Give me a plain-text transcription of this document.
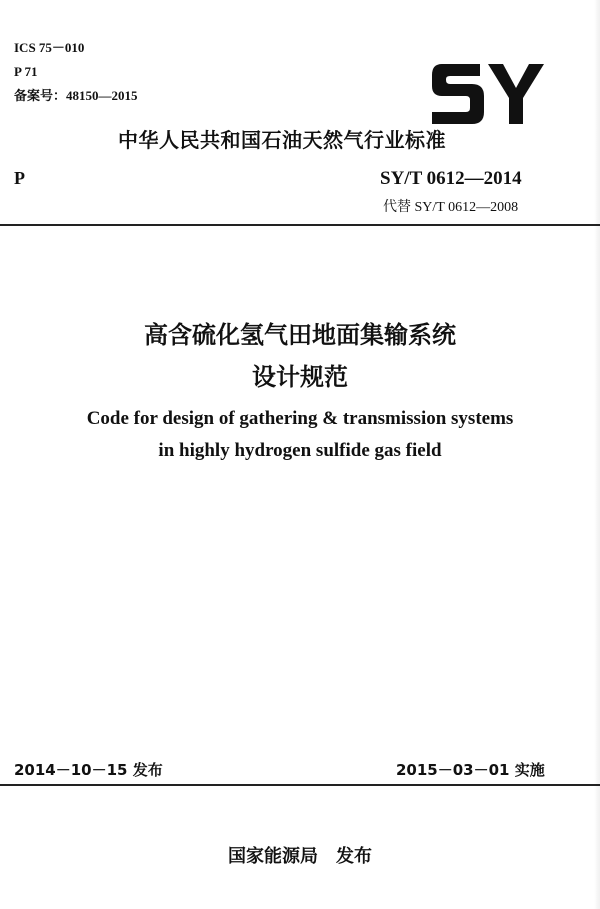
ICS 75－010
P 71
备案号：48150—2015
中华人民共和国石油天然气行业标准
P	SY/T 0612—2014
代替 SY/T 0612—2008
高含硫化氢气田地面集输系统
设计规范
Code for design of gathering & transmission systems
in highly hydrogen sulfide gas field
2014－10－15 发布	2015－03－01 实施
国家能源局　发布
